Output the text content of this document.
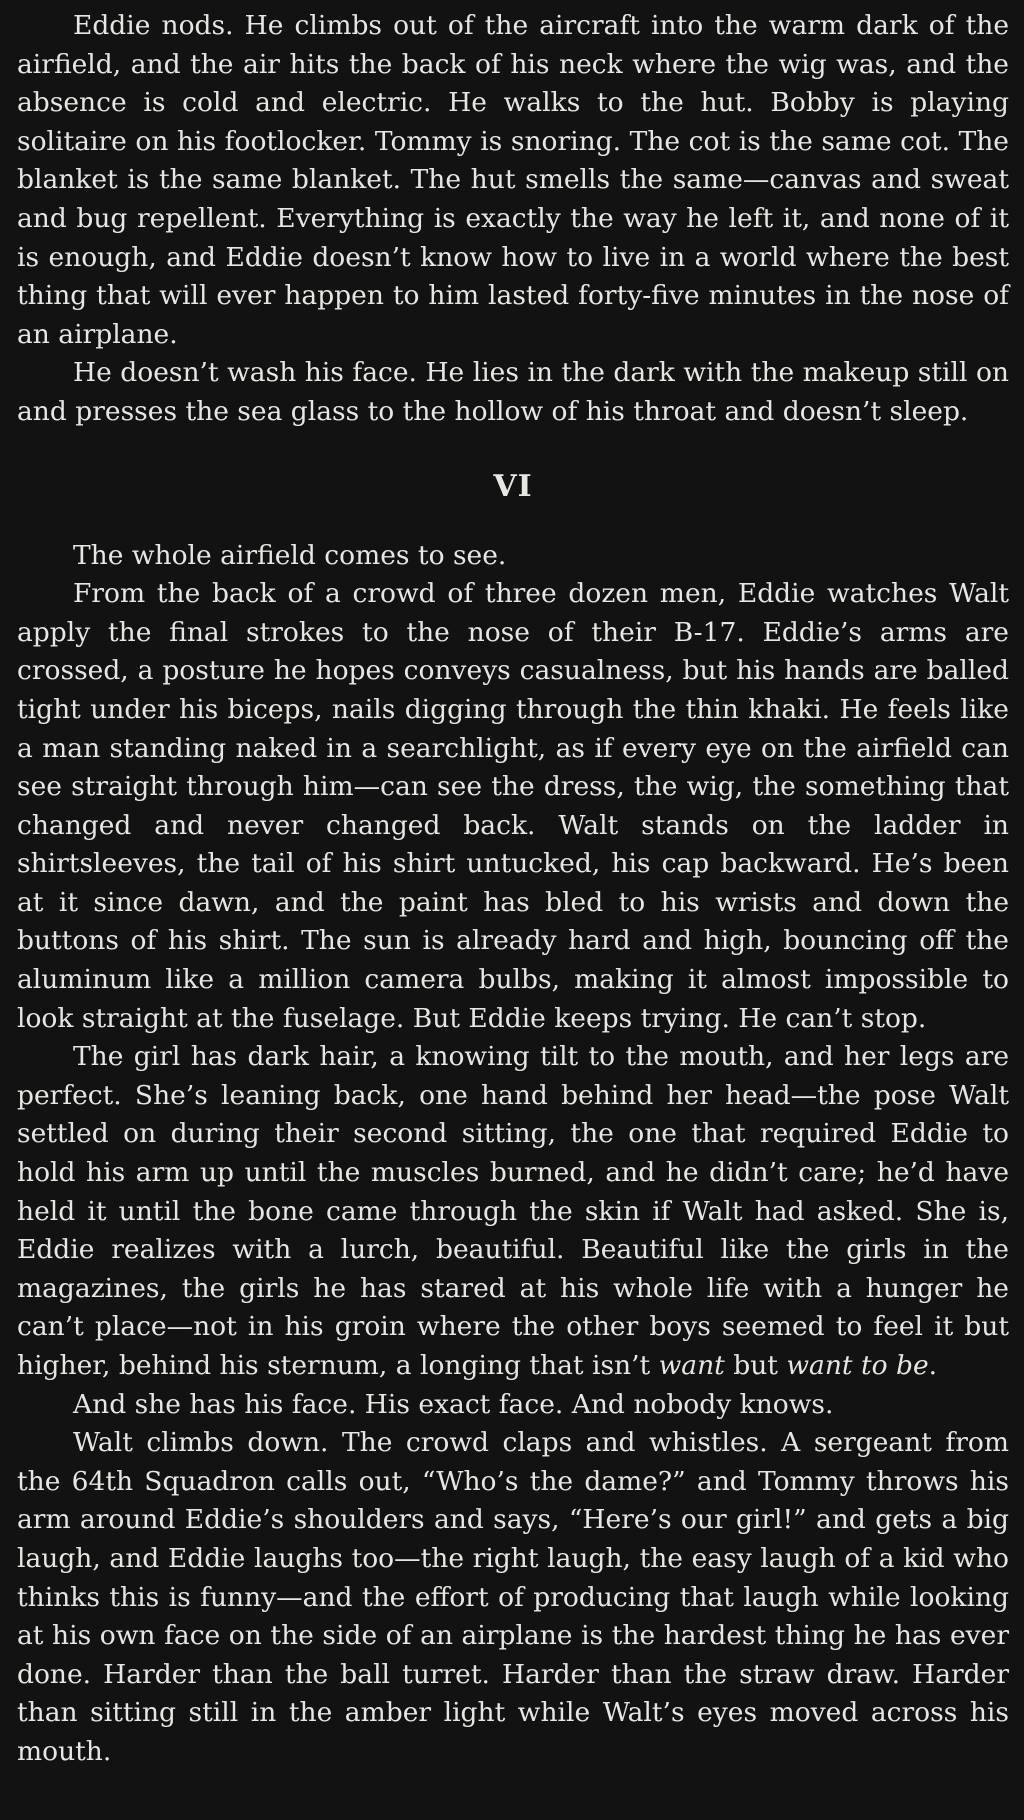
Eddie nods. He climbs out of the aircraft into the warm dark of the airfield, and the air hits the back of his neck where the wig was, and the absence is cold and electric. He walks to the hut. Bobby is playing solitaire on his footlocker. Tommy is snoring. The cot is the same cot. The blanket is the same blanket. The hut smells the same—canvas and sweat and bug repellent. Everything is exactly the way he left it, and none of it is enough, and Eddie doesn’t know how to live in a world where the best thing that will ever happen to him lasted forty-five minutes in the nose of an airplane.

He doesn’t wash his face. He lies in the dark with the makeup still on and presses the sea glass to the hollow of his throat and doesn’t sleep.

VI

The whole airfield comes to see.

From the back of a crowd of three dozen men, Eddie watches Walt apply the final strokes to the nose of their B-17. Eddie’s arms are crossed, a posture he hopes conveys casualness, but his hands are balled tight under his biceps, nails digging through the thin khaki. He feels like a man standing naked in a searchlight, as if every eye on the airfield can see straight through him—can see the dress, the wig, the something that changed and never changed back. Walt stands on the ladder in shirtsleeves, the tail of his shirt untucked, his cap backward. He’s been at it since dawn, and the paint has bled to his wrists and down the buttons of his shirt. The sun is already hard and high, bouncing off the aluminum like a million camera bulbs, making it almost impossible to look straight at the fuselage. But Eddie keeps trying. He can’t stop.

The girl has dark hair, a knowing tilt to the mouth, and her legs are perfect. She’s leaning back, one hand behind her head—the pose Walt settled on during their second sitting, the one that required Eddie to hold his arm up until the muscles burned, and he didn’t care; he’d have held it until the bone came through the skin if Walt had asked. She is, Eddie realizes with a lurch, beautiful. Beautiful like the girls in the magazines, the girls he has stared at his whole life with a hunger he can’t place—not in his groin where the other boys seemed to feel it but higher, behind his sternum, a longing that isn’t want but want to be.

And she has his face. His exact face. And nobody knows.

Walt climbs down. The crowd claps and whistles. A sergeant from the 64th Squadron calls out, “Who’s the dame?” and Tommy throws his arm around Eddie’s shoulders and says, “Here’s our girl!” and gets a big laugh, and Eddie laughs too—the right laugh, the easy laugh of a kid who thinks this is funny—and the effort of producing that laugh while looking at his own face on the side of an airplane is the hardest thing he has ever done. Harder than the ball turret. Harder than the straw draw. Harder than sitting still in the amber light while Walt’s eyes moved across his mouth.
